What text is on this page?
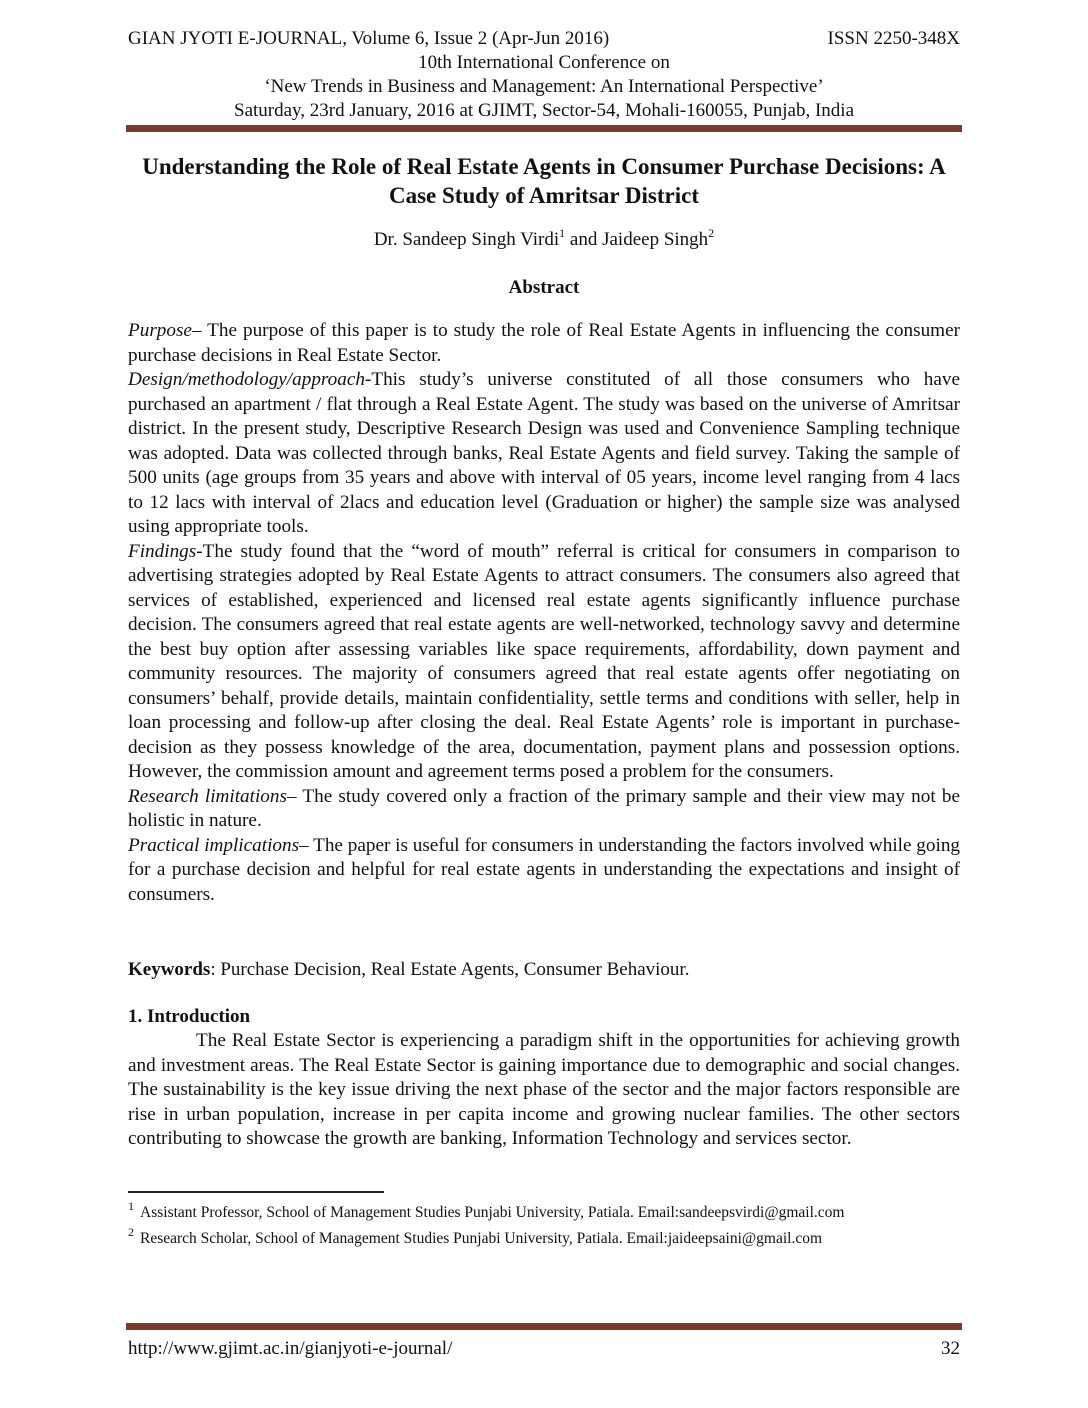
GIAN JYOTI E-JOURNAL, Volume 6, Issue 2 (Apr-Jun 2016)	ISSN 2250-348X
10th International Conference on
‘New Trends in Business and Management: An International Perspective’
Saturday, 23rd January, 2016 at GJIMT, Sector-54, Mohali-160055, Punjab, India
Understanding the Role of Real Estate Agents in Consumer Purchase Decisions: A Case Study of Amritsar District
Dr. Sandeep Singh Virdi$^1$ and Jaideep Singh$^2$
Abstract

Purpose– The purpose of this paper is to study the role of Real Estate Agents in influencing the consumer purchase decisions in Real Estate Sector.

Design/methodology/approach-This study’s universe constituted of all those consumers who have purchased an apartment / flat through a Real Estate Agent. The study was based on the universe of Amritsar district. In the present study, Descriptive Research Design was used and Convenience Sampling technique was adopted. Data was collected through banks, Real Estate Agents and field survey. Taking the sample of 500 units (age groups from 35 years and above with interval of 05 years, income level ranging from 4 lacs to 12 lacs with interval of 2lacs and education level (Graduation or higher) the sample size was analysed using appropriate tools.

Findings-The study found that the “word of mouth” referral is critical for consumers in comparison to advertising strategies adopted by Real Estate Agents to attract consumers. The consumers also agreed that services of established, experienced and licensed real estate agents significantly influence purchase decision. The consumers agreed that real estate agents are well-networked, technology savvy and determine the best buy option after assessing variables like space requirements, affordability, down payment and community resources. The majority of consumers agreed that real estate agents offer negotiating on consumers’ behalf, provide details, maintain confidentiality, settle terms and conditions with seller, help in loan processing and follow-up after closing the deal. Real Estate Agents’ role is important in purchase-decision as they possess knowledge of the area, documentation, payment plans and possession options. However, the commission amount and agreement terms posed a problem for the consumers.

Research limitations– The study covered only a fraction of the primary sample and their view may not be holistic in nature.

Practical implications– The paper is useful for consumers in understanding the factors involved while going for a purchase decision and helpful for real estate agents in understanding the expectations and insight of consumers.

Keywords: Purchase Decision, Real Estate Agents, Consumer Behaviour.
1. Introduction

The Real Estate Sector is experiencing a paradigm shift in the opportunities for achieving growth and investment areas. The Real Estate Sector is gaining importance due to demographic and social changes. The sustainability is the key issue driving the next phase of the sector and the major factors responsible are rise in urban population, increase in per capita income and growing nuclear families. The other sectors contributing to showcase the growth are banking, Information Technology and services sector.

$^1$ Assistant Professor, School of Management Studies Punjabi University, Patiala. Email:sandeepsvirdi@gmail.com
$^2$ Research Scholar, School of Management Studies Punjabi University, Patiala. Email:jaideepsaini@gmail.com
http://www.gjimt.ac.in/gianjyoti-e-journal/	32
